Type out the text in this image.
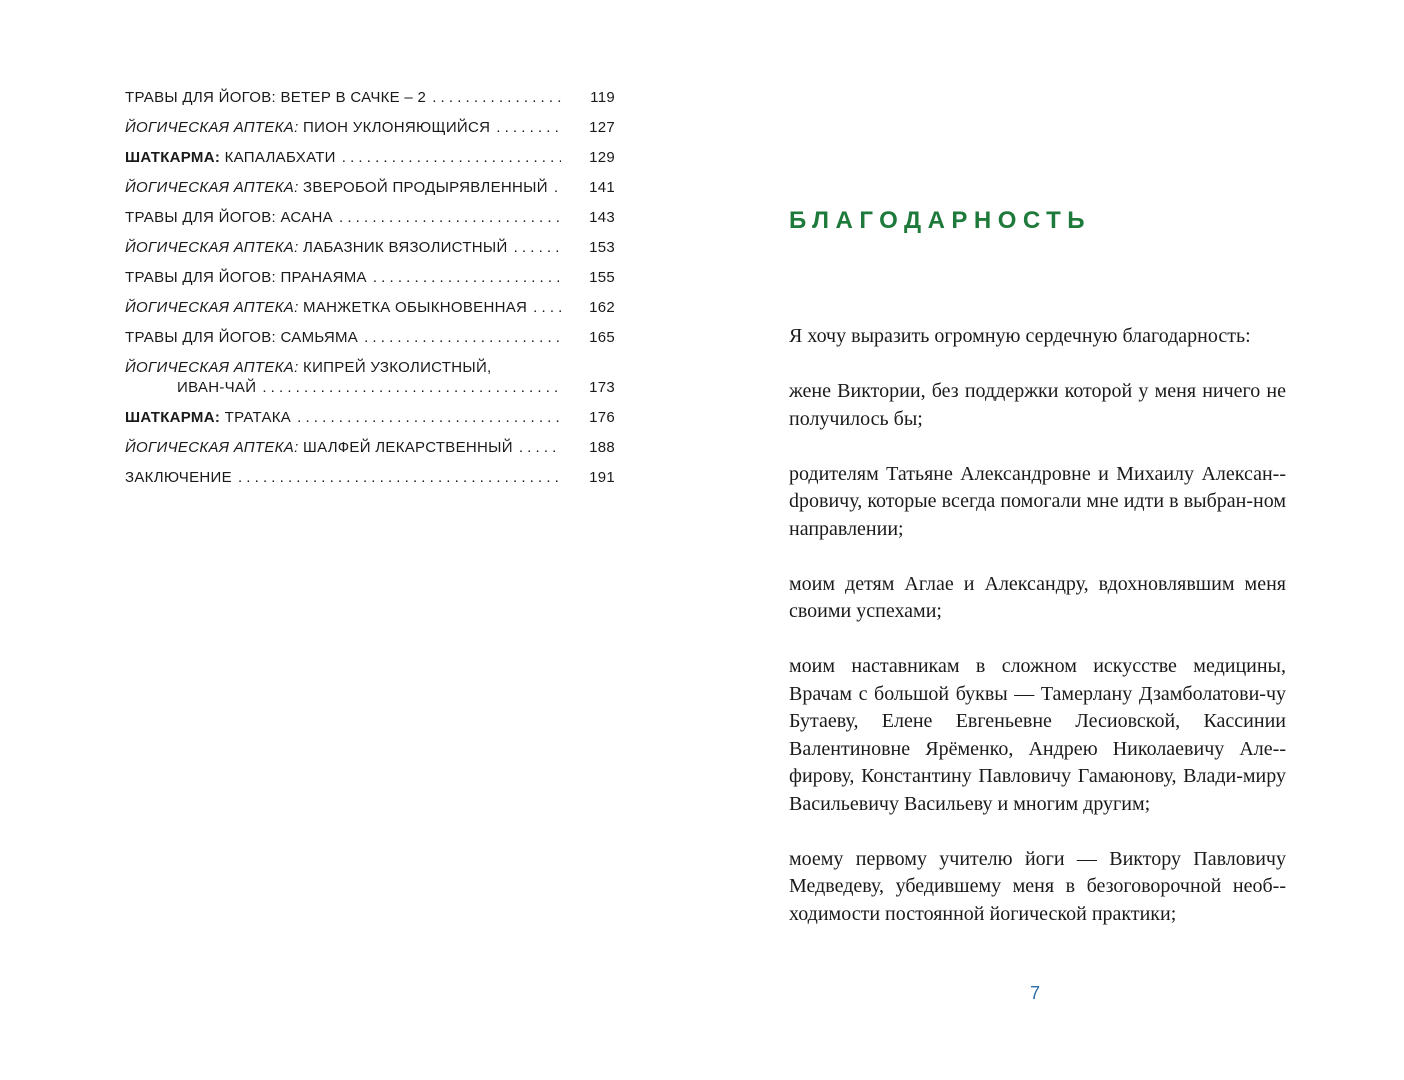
ТРАВЫ ДЛЯ ЙОГОВ: ВЕТЕР В САЧКЕ – 2 . . .	119
ЙОГИЧЕСКАЯ АПТЕКА: ПИОН УКЛОНЯЮЩИЙСЯ . . .	127
ШАТКАРМА: КАПАЛАБХАТИ . . .	129
ЙОГИЧЕСКАЯ АПТЕКА: ЗВЕРОБОЙ ПРОДЫРЯВЛЕННЫЙ . . .	141
ТРАВЫ ДЛЯ ЙОГОВ: АСАНА . . .	143
ЙОГИЧЕСКАЯ АПТЕКА: ЛАБАЗНИК ВЯЗОЛИСТНЫЙ . . .	153
ТРАВЫ ДЛЯ ЙОГОВ: ПРАНАЯМА . . .	155
ЙОГИЧЕСКАЯ АПТЕКА: МАНЖЕТКА ОБЫКНОВЕННАЯ . . .	162
ТРАВЫ ДЛЯ ЙОГОВ: САМЬЯМА . . .	165
ЙОГИЧЕСКАЯ АПТЕКА: КИПРЕЙ УЗКОЛИСТНЫЙ,
ИВАН-ЧАЙ . . .	173
ШАТКАРМА: ТРАТАКА . . .	176
ЙОГИЧЕСКАЯ АПТЕКА: ШАЛФЕЙ ЛЕКАРСТВЕННЫЙ . . .	188
ЗАКЛЮЧЕНИЕ . . .	191
БЛАГОДАРНОСТЬ

Я хочу выразить огромную сердечную благодарность:

жене Виктории, без поддержки которой у меня ничего не получилось бы;

родителям Татьяне Александровне и Михаилу Алексан-dровичу, которые всегда помогали мне идти в выбран-ном направлении;

моим детям Аглае и Александру, вдохновлявшим меня своими успехами;

моим наставникам в сложном искусстве медицины, Врачам с большой буквы — Тамерлану Дзамболатови-чу Бутаеву, Елене Евгеньевне Лесиовской, Кассинии Валентиновне Ярёменко, Андрею Николаевичу Але-фирову, Константину Павловичу Гамаюнову, Влади-миру Васильевичу Васильеву и многим другим;

моему первому учителю йоги — Виктору Павловичу Медведеву, убедившему меня в безоговорочной необ-ходимости постоянной йогической практики;

7
